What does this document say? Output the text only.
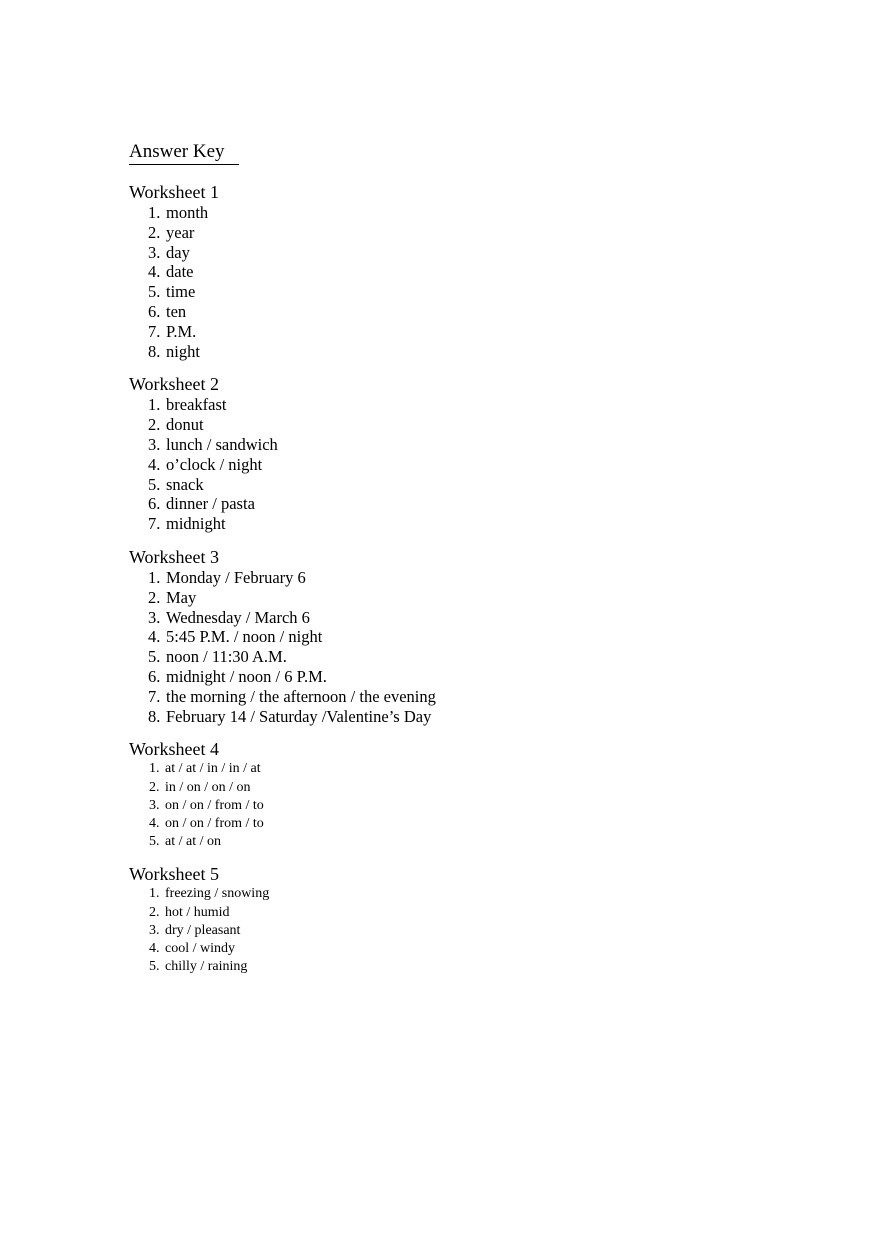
Answer Key
Worksheet 1
1. month
2. year
3. day
4. date
5. time
6. ten
7. P.M.
8. night
Worksheet 2
1. breakfast
2. donut
3. lunch / sandwich
4. o’clock / night
5. snack
6. dinner / pasta
7. midnight
Worksheet 3
1. Monday / February 6
2. May
3. Wednesday / March 6
4. 5:45 P.M. / noon / night
5. noon / 11:30 A.M.
6. midnight / noon / 6 P.M.
7. the morning / the afternoon / the evening
8. February 14 / Saturday /Valentine’s Day
Worksheet 4
1. at / at / in / in / at
2. in / on / on / on
3. on / on / from / to
4. on / on / from / to
5. at / at / on
Worksheet 5
1. freezing / snowing
2. hot / humid
3. dry / pleasant
4. cool / windy
5. chilly / raining
